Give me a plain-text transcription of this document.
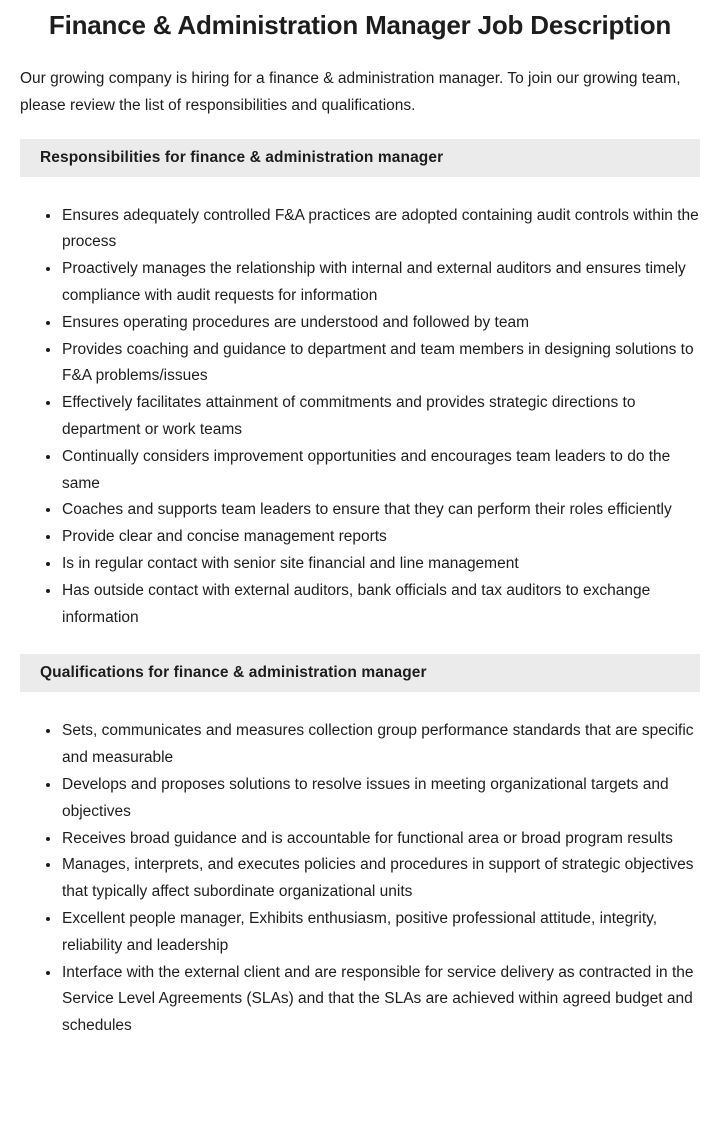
Finance & Administration Manager Job Description

Our growing company is hiring for a finance & administration manager. To join our growing team, please review the list of responsibilities and qualifications.

Responsibilities for finance & administration manager
• Ensures adequately controlled F&A practices are adopted containing audit controls within the process
• Proactively manages the relationship with internal and external auditors and ensures timely compliance with audit requests for information
• Ensures operating procedures are understood and followed by team
• Provides coaching and guidance to department and team members in designing solutions to F&A problems/issues
• Effectively facilitates attainment of commitments and provides strategic directions to department or work teams
• Continually considers improvement opportunities and encourages team leaders to do the same
• Coaches and supports team leaders to ensure that they can perform their roles efficiently
• Provide clear and concise management reports
• Is in regular contact with senior site financial and line management
• Has outside contact with external auditors, bank officials and tax auditors to exchange information
Qualifications for finance & administration manager
• Sets, communicates and measures collection group performance standards that are specific and measurable
• Develops and proposes solutions to resolve issues in meeting organizational targets and objectives
• Receives broad guidance and is accountable for functional area or broad program results
• Manages, interprets, and executes policies and procedures in support of strategic objectives that typically affect subordinate organizational units
• Excellent people manager, Exhibits enthusiasm, positive professional attitude, integrity, reliability and leadership
• Interface with the external client and are responsible for service delivery as contracted in the Service Level Agreements (SLAs) and that the SLAs are achieved within agreed budget and schedules
